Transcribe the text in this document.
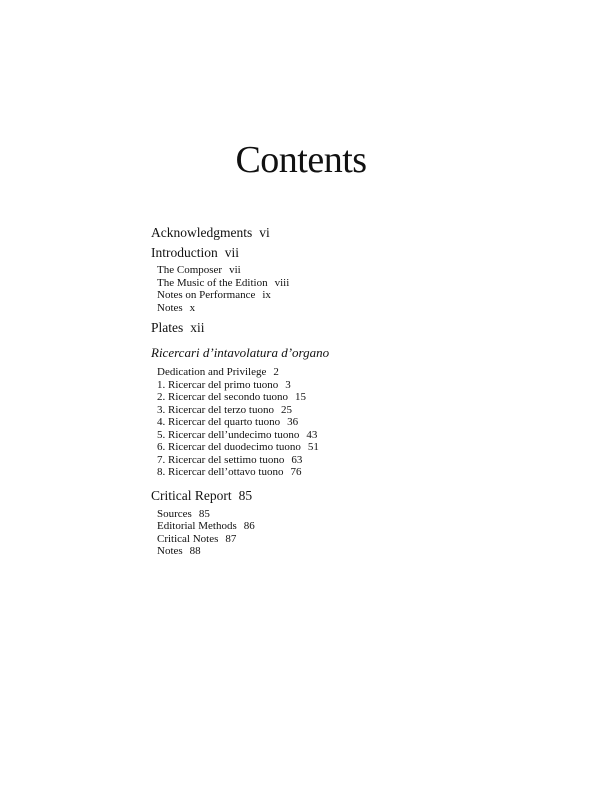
Contents
Acknowledgments vi
Introduction vii
The Composer vii
The Music of the Edition viii
Notes on Performance ix
Notes x
Plates xii
Ricercari d’intavolatura d’organo
Dedication and Privilege 2
1. Ricercar del primo tuono 3
2. Ricercar del secondo tuono 15
3. Ricercar del terzo tuono 25
4. Ricercar del quarto tuono 36
5. Ricercar dell’undecimo tuono 43
6. Ricercar del duodecimo tuono 51
7. Ricercar del settimo tuono 63
8. Ricercar dell’ottavo tuono 76
Critical Report 85
Sources 85
Editorial Methods 86
Critical Notes 87
Notes 88
